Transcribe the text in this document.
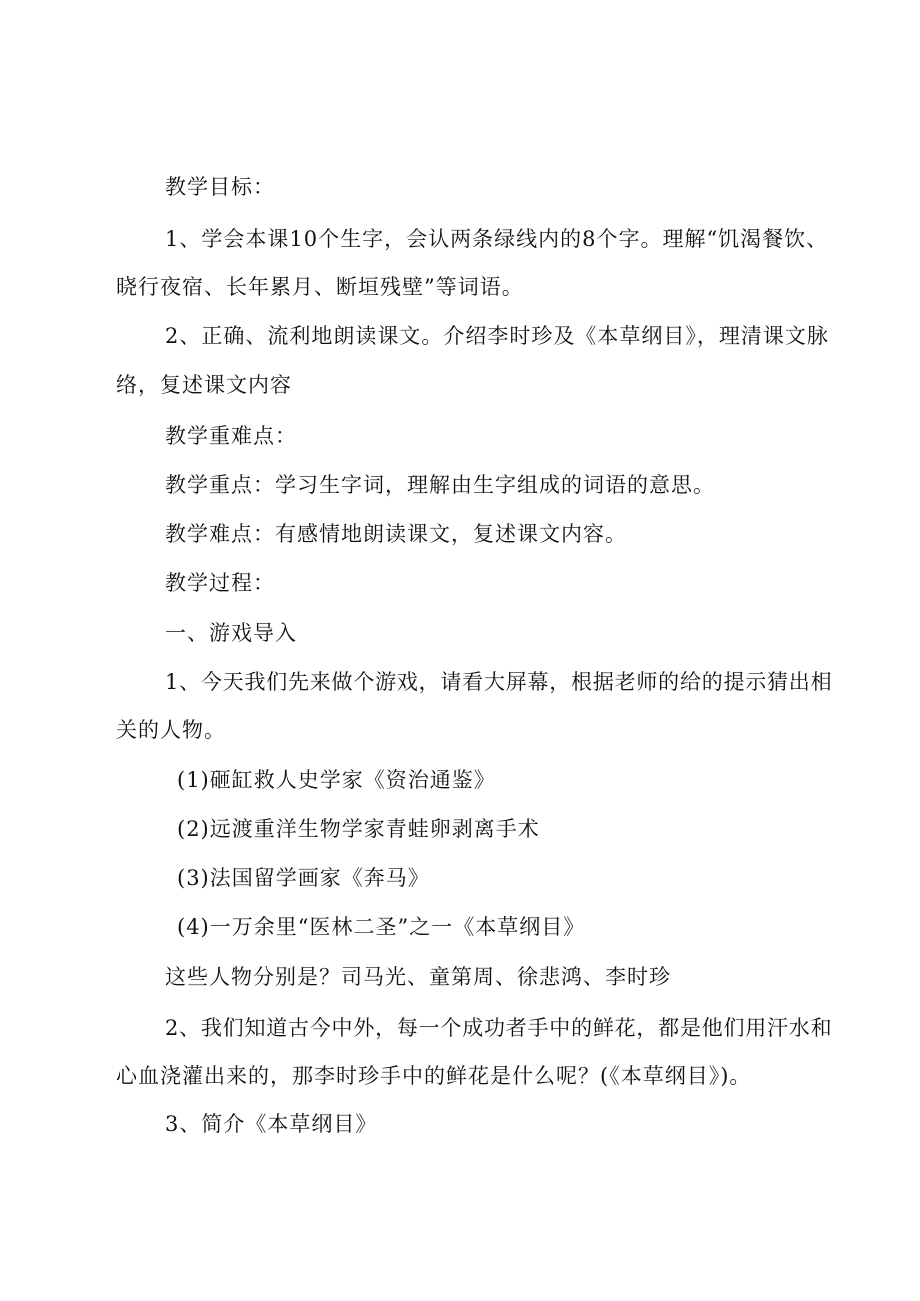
教学目标：
1、学会本课10个生字，会认两条绿线内的8个字。理解“饥渴餐饮、
晓行夜宿、长年累月、断垣残壁”等词语。
2、正确、流利地朗读课文。介绍李时珍及《本草纲目》，理清课文脉
络，复述课文内容
教学重难点：
教学重点：学习生字词，理解由生字组成的词语的意思。
教学难点：有感情地朗读课文，复述课文内容。
教学过程：
一、游戏导入
1、今天我们先来做个游戏，请看大屏幕，根据老师的给的提示猜出相
关的人物。
(1)砸缸救人史学家《资治通鉴》
(2)远渡重洋生物学家青蛙卵剥离手术
(3)法国留学画家《奔马》
(4)一万余里“医林二圣”之一《本草纲目》
这些人物分别是？司马光、童第周、徐悲鸿、李时珍
2、我们知道古今中外，每一个成功者手中的鲜花，都是他们用汗水和
心血浇灌出来的，那李时珍手中的鲜花是什么呢？(《本草纲目》)。
3、简介《本草纲目》
